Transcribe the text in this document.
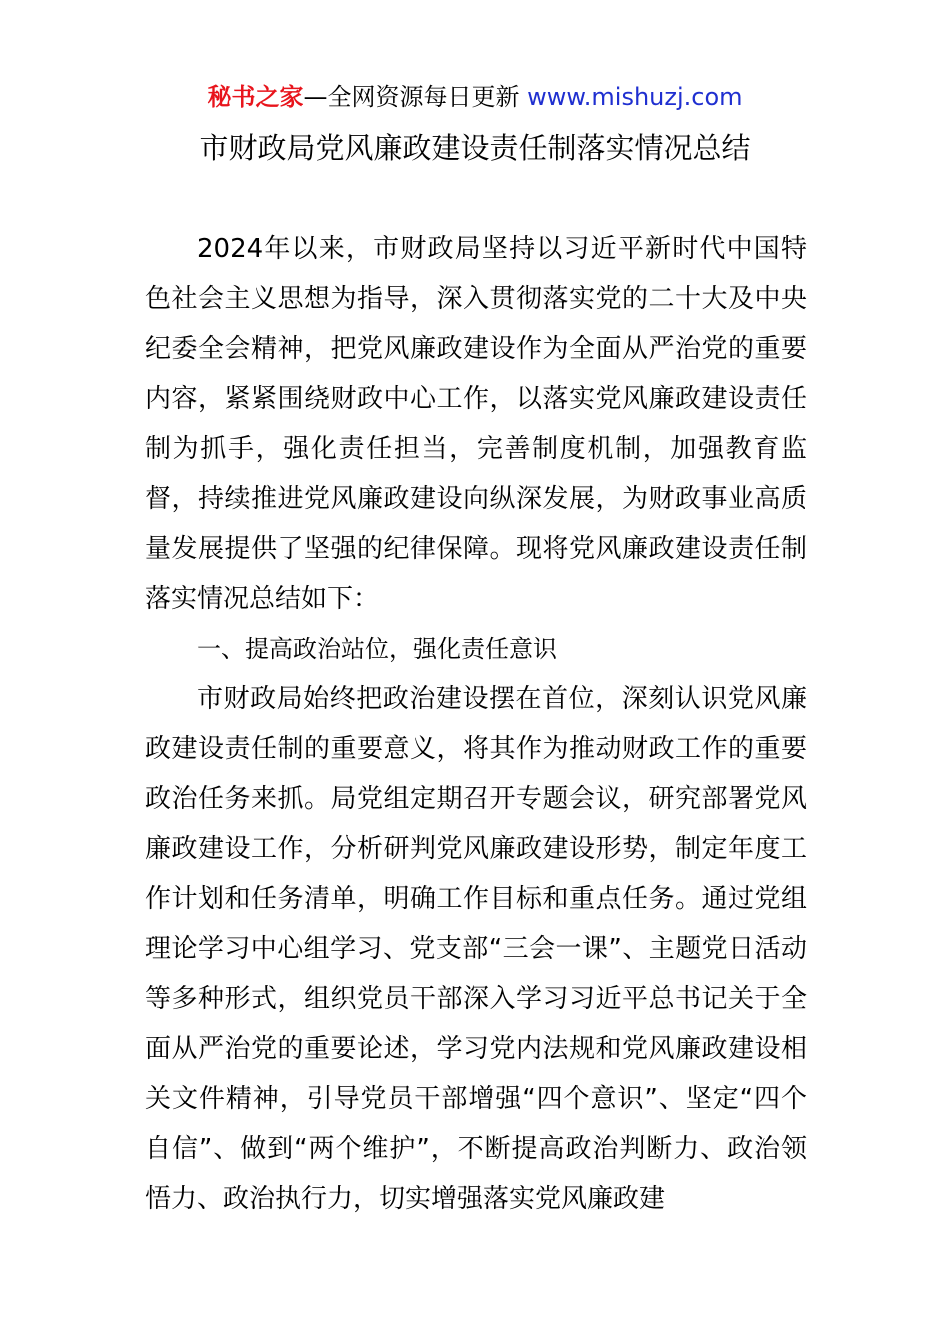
秘书之家—全网资源每日更新 www.mishuzj.com
市财政局党风廉政建设责任制落实情况总结

2024年以来，市财政局坚持以习近平新时代中国特色社会主义思想为指导，深入贯彻落实党的二十大及中央纪委全会精神，把党风廉政建设作为全面从严治党的重要内容，紧紧围绕财政中心工作，以落实党风廉政建设责任制为抓手，强化责任担当，完善制度机制，加强教育监督，持续推进党风廉政建设向纵深发展，为财政事业高质量发展提供了坚强的纪律保障。现将党风廉政建设责任制落实情况总结如下：

一、提高政治站位，强化责任意识

市财政局始终把政治建设摆在首位，深刻认识党风廉政建设责任制的重要意义，将其作为推动财政工作的重要政治任务来抓。局党组定期召开专题会议，研究部署党风廉政建设工作，分析研判党风廉政建设形势，制定年度工作计划和任务清单，明确工作目标和重点任务。通过党组理论学习中心组学习、党支部“三会一课”、主题党日活动等多种形式，组织党员干部深入学习习近平总书记关于全面从严治党的重要论述，学习党内法规和党风廉政建设相关文件精神，引导党员干部增强“四个意识”、坚定“四个自信”、做到“两个维护”，不断提高政治判断力、政治领悟力、政治执行力，切实增强落实党风廉政建
